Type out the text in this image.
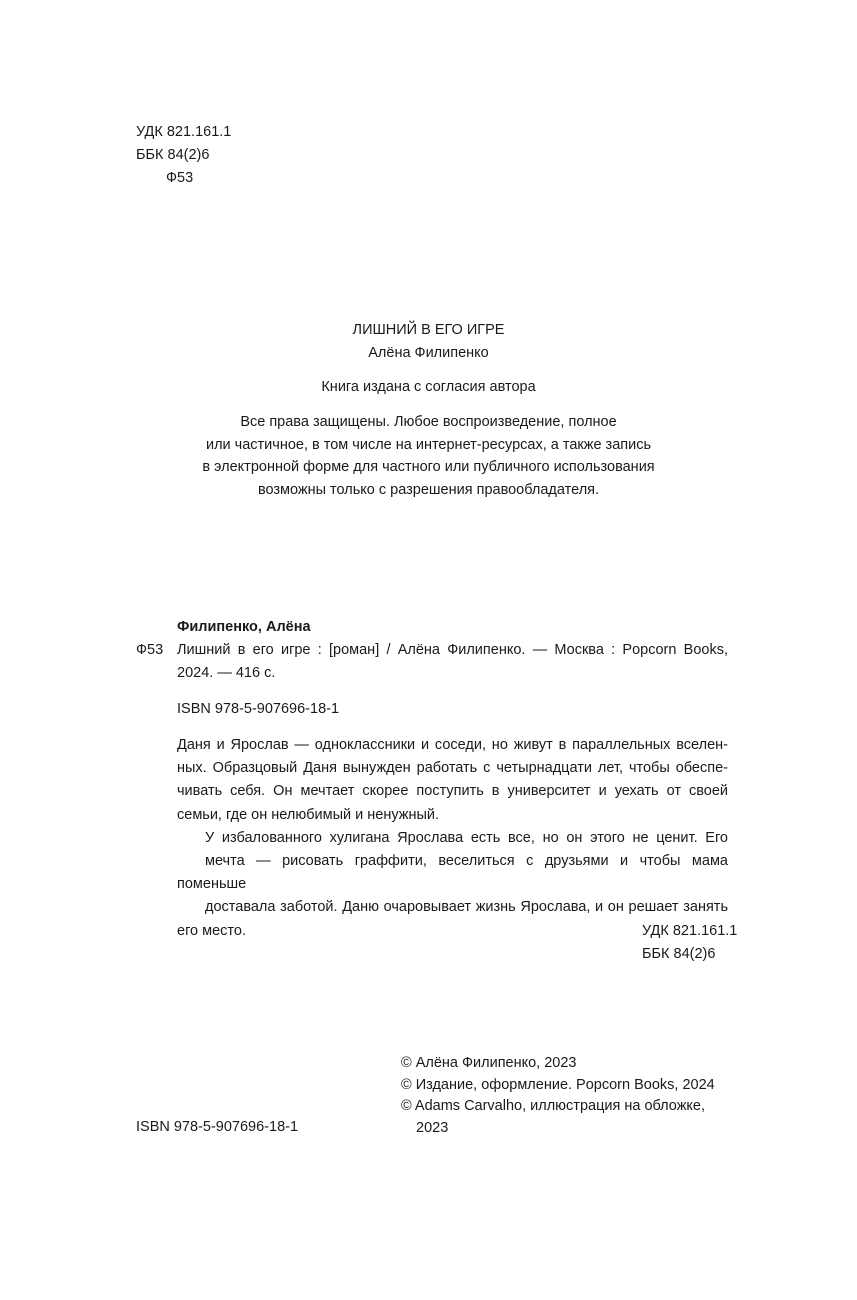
УДК 821.161.1
ББК 84(2)6
Ф53
ЛИШНИЙ В ЕГО ИГРЕ
Алёна Филипенко
Книга издана с согласия автора
Все права защищены. Любое воспроизведение, полное
или частичное, в том числе на интернет-ресурсах, а также запись
в электронной форме для частного или публичного использования
возможны только с разрешения правообладателя.
Филипенко, Алёна
Ф53 Лишний в его игре : [роман] / Алёна Филипенко. — Москва : Popcorn Books,
2024. — 416 с.
ISBN 978-5-907696-18-1

Даня и Ярослав — одноклассники и соседи, но живут в параллельных вселен-
ных. Образцовый Даня вынужден работать с четырнадцати лет, чтобы обеспе-
чивать себя. Он мечтает скорее поступить в университет и уехать от своей
семьи, где он нелюбимый и ненужный.

У избалованного хулигана Ярослава есть все, но он этого не ценит. Его
мечта — рисовать граффити, веселиться с друзьями и чтобы мама поменьше
доставала заботой. Даню очаровывает жизнь Ярослава, и он решает занять
его место.	УДК 821.161.1
ББК 84(2)6
© Алёна Филипенко, 2023
© Издание, оформление. Popcorn Books, 2024
© Adams Carvalho, иллюстрация на обложке,
2023
ISBN 978-5-907696-18-1
